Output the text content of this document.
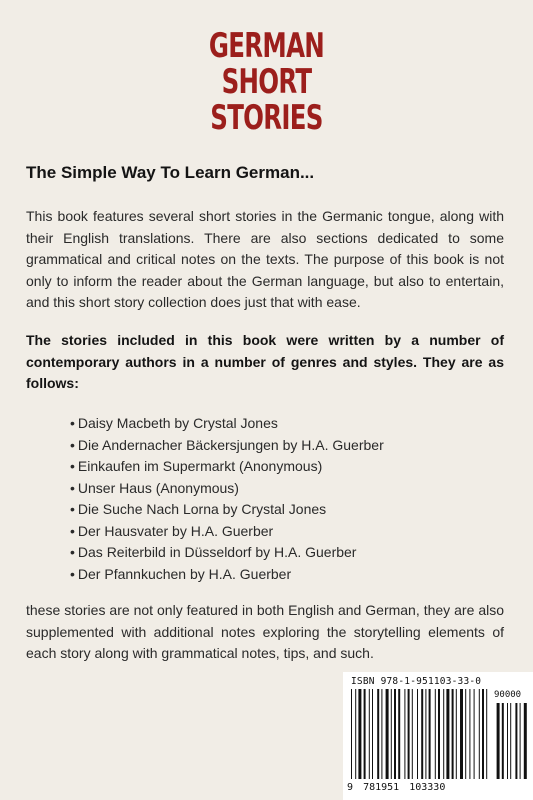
GERMAN
SHORT
STORIES
The Simple Way To Learn German...
This book features several short stories in the Germanic tongue, along with their English translations. There are also sections dedicated to some grammatical and critical notes on the texts. The purpose of this book is not only to inform the reader about the German language, but also to entertain, and this short story collection does just that with ease.
The stories included in this book were written by a number of contemporary authors in a number of genres and styles. They are as follows:
• Daisy Macbeth by Crystal Jones
• Die Andernacher Bäckersjungen by H.A. Guerber
• Einkaufen im Supermarkt (Anonymous)
• Unser Haus (Anonymous)
• Die Suche Nach Lorna by Crystal Jones
• Der Hausvater by H.A. Guerber
• Das Reiterbild in Düsseldorf by H.A. Guerber
• Der Pfannkuchen by H.A. Guerber
these stories are not only featured in both English and German, they are also supplemented with additional notes exploring the storytelling elements of each story along with grammatical notes, tips, and such.
ISBN 978-1-951103-33-0
90000
9 781951 103330
